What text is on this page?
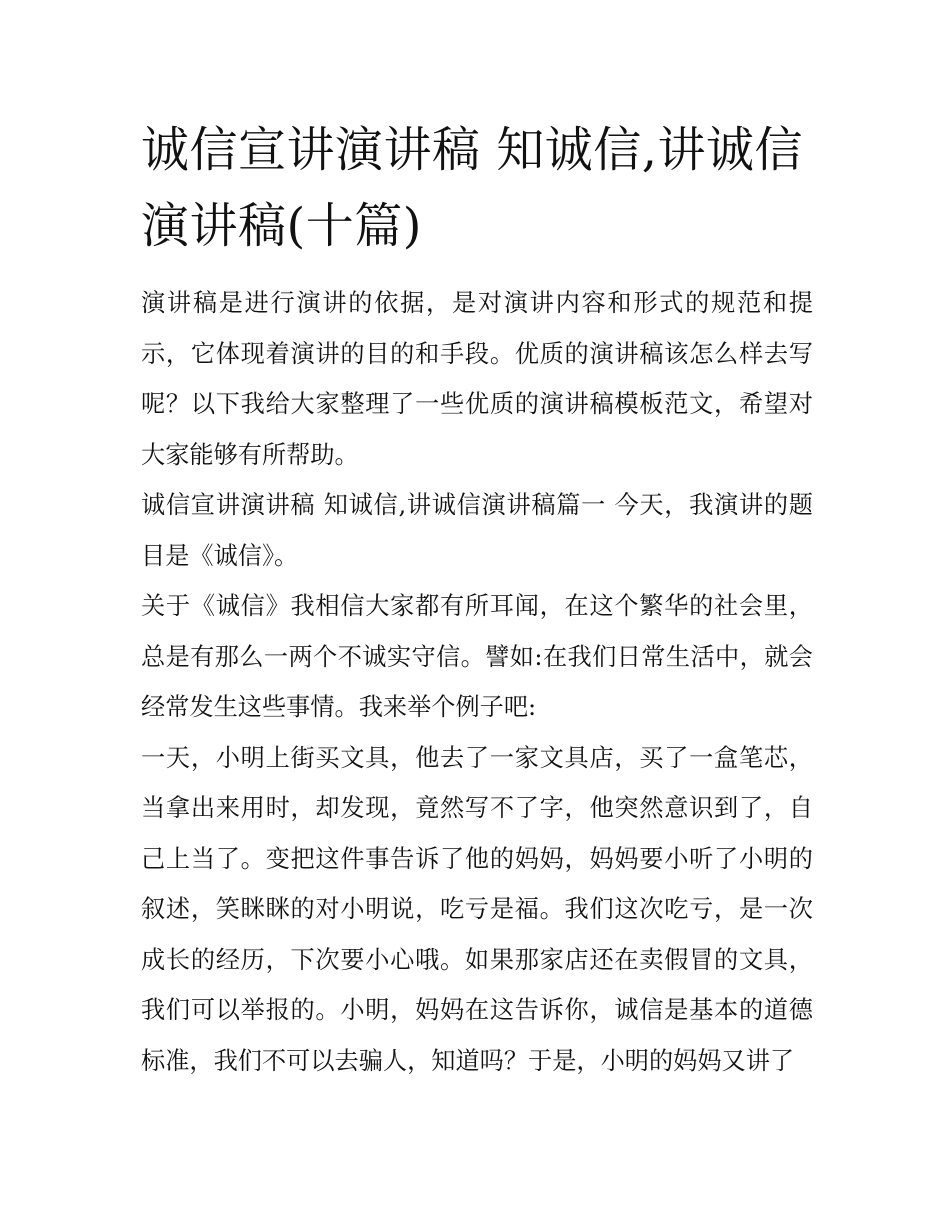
诚信宣讲演讲稿 知诚信,讲诚信演讲稿(十篇)

演讲稿是进行演讲的依据，是对演讲内容和形式的规范和提示，它体现着演讲的目的和手段。优质的演讲稿该怎么样去写呢？以下我给大家整理了一些优质的演讲稿模板范文，希望对大家能够有所帮助。

诚信宣讲演讲稿 知诚信,讲诚信演讲稿篇一 今天，我演讲的题目是《诚信》。

关于《诚信》我相信大家都有所耳闻，在这个繁华的社会里，总是有那么一两个不诚实守信。譬如:在我们日常生活中，就会经常发生这些事情。我来举个例子吧:

一天，小明上街买文具，他去了一家文具店，买了一盒笔芯，当拿出来用时，却发现，竟然写不了字，他突然意识到了，自己上当了。变把这件事告诉了他的妈妈，妈妈要小听了小明的叙述，笑眯眯的对小明说，吃亏是福。我们这次吃亏，是一次成长的经历，下次要小心哦。如果那家店还在卖假冒的文具，我们可以举报的。小明，妈妈在这告诉你，诚信是基本的道德标准，我们不可以去骗人，知道吗？于是，小明的妈妈又讲了
